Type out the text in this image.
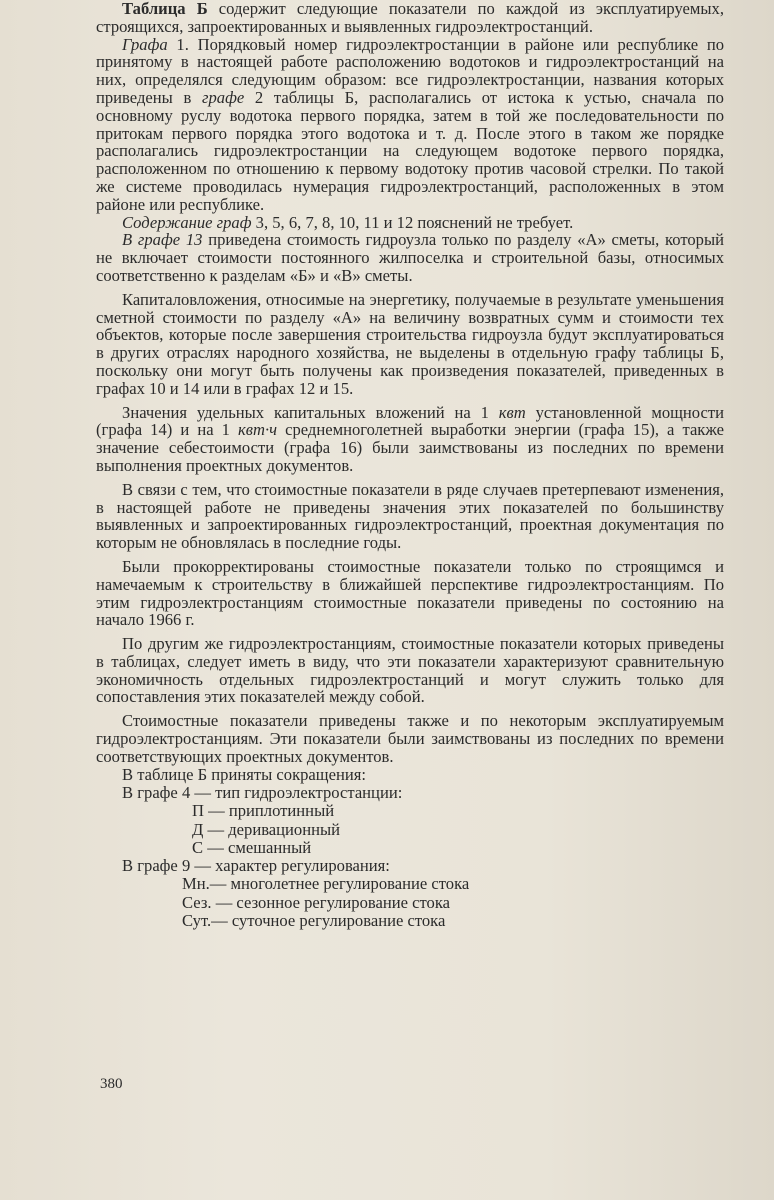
Таблица Б содержит следующие показатели по каждой из эксплуатируемых, строящихся, запроектированных и выявленных гидроэлектростанций.

Графа 1. Порядковый номер гидроэлектростанции в районе или республике по принятому в настоящей работе расположению водотоков и гидроэлектростанций на них, определялся следующим образом: все гидроэлектростанции, названия которых приведены в графе 2 таблицы Б, располагались от истока к устью, сначала по основному руслу водотока первого порядка, затем в той же последовательности по притокам первого порядка этого водотока и т. д. После этого в таком же порядке располагались гидроэлектростанции на следующем водотоке первого порядка, расположенном по отношению к первому водотоку против часовой стрелки. По такой же системе проводилась нумерация гидроэлектростанций, расположенных в этом районе или республике.

Содержание граф 3, 5, 6, 7, 8, 10, 11 и 12 пояснений не требует.

В графе 13 приведена стоимость гидроузла только по разделу «А» сметы, который не включает стоимости постоянного жилпоселка и строительной базы, относимых соответственно к разделам «Б» и «В» сметы.

Капиталовложения, относимые на энергетику, получаемые в результате уменьшения сметной стоимости по разделу «А» на величину возвратных сумм и стоимости тех объектов, которые после завершения строительства гидроузла будут эксплуатироваться в других отраслях народного хозяйства, не выделены в отдельную графу таблицы Б, поскольку они могут быть получены как произведения показателей, приведенных в графах 10 и 14 или в графах 12 и 15.

Значения удельных капитальных вложений на 1 квт установленной мощности (графа 14) и на 1 квт·ч среднемноголетней выработки энергии (графа 15), а также значение себестоимости (графа 16) были заимствованы из последних по времени выполнения проектных документов.

В связи с тем, что стоимостные показатели в ряде случаев претерпевают изменения, в настоящей работе не приведены значения этих показателей по большинству выявленных и запроектированных гидроэлектростанций, проектная документация по которым не обновлялась в последние годы.

Были прокорректированы стоимостные показатели только по строящимся и намечаемым к строительству в ближайшей перспективе гидроэлектростанциям. По этим гидроэлектростанциям стоимостные показатели приведены по состоянию на начало 1966 г.

По другим же гидроэлектростанциям, стоимостные показатели которых приведены в таблицах, следует иметь в виду, что эти показатели характеризуют сравнительную экономичность отдельных гидроэлектростанций и могут служить только для сопоставления этих показателей между собой.

Стоимостные показатели приведены также и по некоторым эксплуатируемым гидроэлектростанциям. Эти показатели были заимствованы из последних по времени соответствующих проектных документов.

В таблице Б приняты сокращения:
В графе 4 — тип гидроэлектростанции:
П — приплотинный
Д — деривационный
С — смешанный
В графе 9 — характер регулирования:
Мн.— многолетнее регулирование стока
Сез. — сезонное регулирование стока
Сут.— суточное регулирование стока
380
